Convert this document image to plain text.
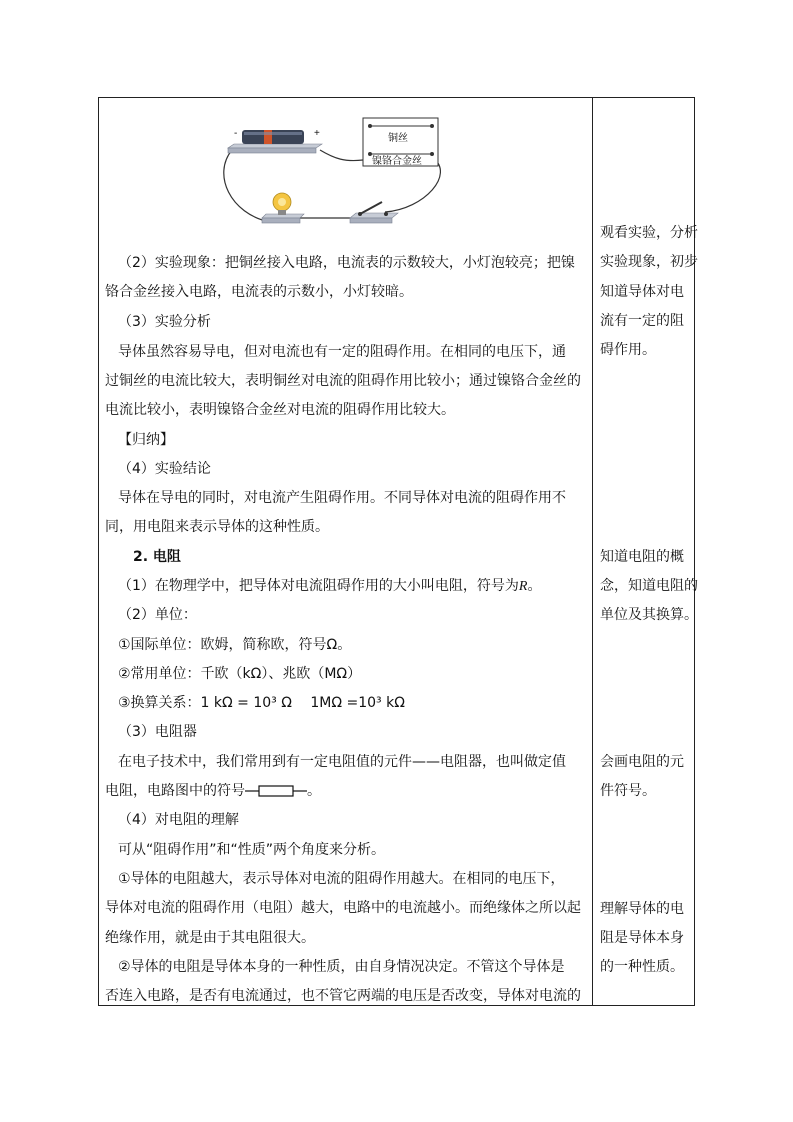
-	+	铜丝
镍铬合金丝
（2）实验现象：把铜丝接入电路，电流表的示数较大，小灯泡较亮；把镍
铬合金丝接入电路，电流表的示数小，小灯较暗。
（3）实验分析
导体虽然容易导电，但对电流也有一定的阻碍作用。在相同的电压下，通
过铜丝的电流比较大，表明铜丝对电流的阻碍作用比较小；通过镍铬合金丝的
电流比较小，表明镍铬合金丝对电流的阻碍作用比较大。
【归纳】
（4）实验结论
导体在导电的同时，对电流产生阻碍作用。不同导体对电流的阻碍作用不
同，用电阻来表示导体的这种性质。
2. 电阻
（1）在物理学中，把导体对电流阻碍作用的大小叫电阻，符号为R。
（2）单位：
①国际单位：欧姆，简称欧，符号Ω。
②常用单位：千欧（kΩ）、兆欧（MΩ）
③换算关系：1 kΩ = 10³ Ω　 1MΩ =10³ kΩ
（3）电阻器
在电子技术中，我们常用到有一定电阻值的元件——电阻器，也叫做定值
电阻，电路图中的符号	。
（4）对电阻的理解
可从“阻碍作用”和“性质”两个角度来分析。
①导体的电阻越大，表示导体对电流的阻碍作用越大。在相同的电压下，
导体对电流的阻碍作用（电阻）越大，电路中的电流越小。而绝缘体之所以起
绝缘作用，就是由于其电阻很大。
②导体的电阻是导体本身的一种性质，由自身情况决定。不管这个导体是
否连入电路，是否有电流通过，也不管它两端的电压是否改变，导体对电流的
观看实验，分析
实验现象，初步
知道导体对电
流有一定的阻
碍作用。
知道电阻的概
念，知道电阻的
单位及其换算。
会画电阻的元
件符号。
理解导体的电
阻是导体本身
的一种性质。
